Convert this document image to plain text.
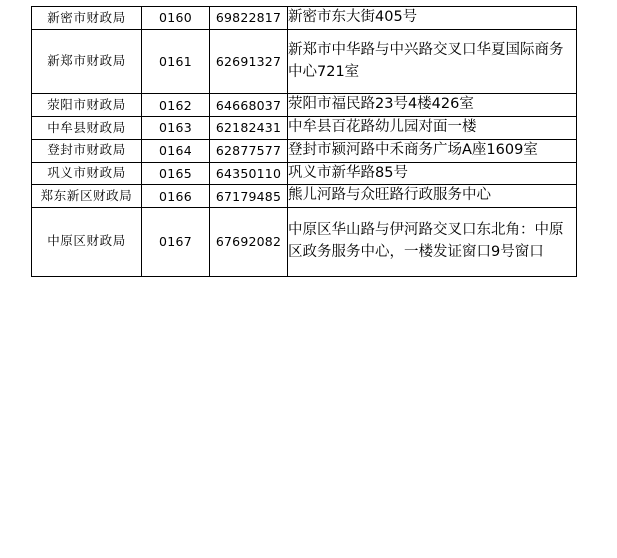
新密市财政局	0160	69822817	新密市东大街405号
新郑市财政局	0161	62691327	新郑市中华路与中兴路交叉口华夏国际商务中心721室
荥阳市财政局	0162	64668037	荥阳市福民路23号4楼426室
中牟县财政局	0163	62182431	中牟县百花路幼儿园对面一楼
登封市财政局	0164	62877577	登封市颍河路中禾商务广场A座1609室
巩义市财政局	0165	64350110	巩义市新华路85号
郑东新区财政局	0166	67179485	熊儿河路与众旺路行政服务中心
中原区财政局	0167	67692082	中原区华山路与伊河路交叉口东北角：中原区政务服务中心，一楼发证窗口9号窗口
